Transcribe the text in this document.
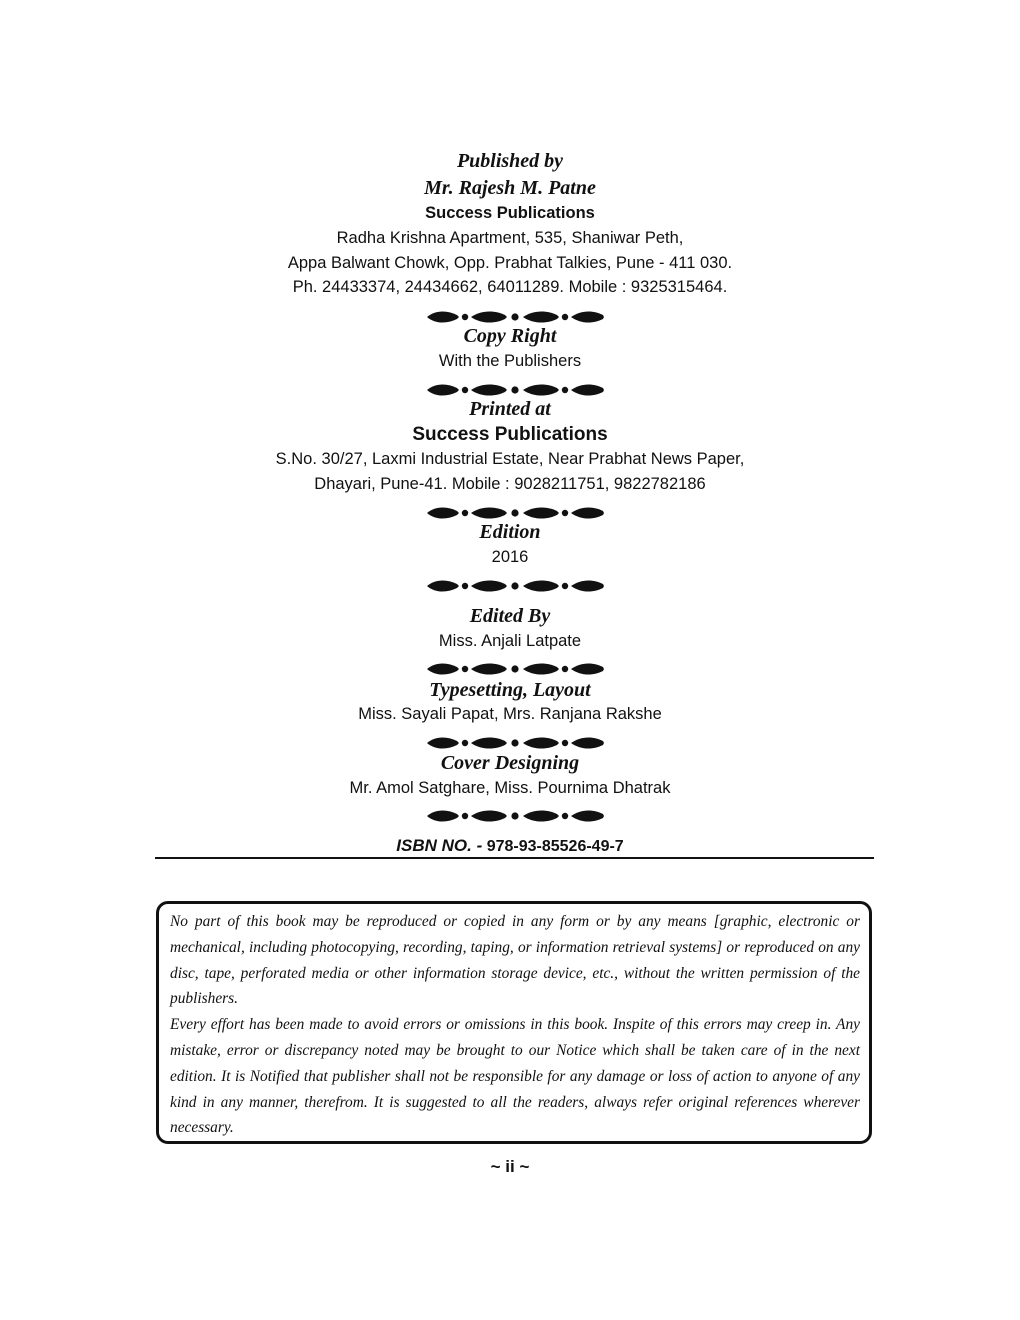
Published by
Mr. Rajesh M. Patne
Success Publications
Radha Krishna Apartment, 535, Shaniwar Peth,
Appa Balwant Chowk, Opp. Prabhat Talkies, Pune - 411 030.
Ph. 24433374, 24434662, 64011289. Mobile : 9325315464.
Copy Right
With the Publishers
Printed at
Success Publications
S.No. 30/27, Laxmi Industrial Estate, Near Prabhat News Paper,
Dhayari, Pune-41. Mobile : 9028211751, 9822782186
Edition
2016
Edited By
Miss. Anjali Latpate
Typesetting, Layout
Miss. Sayali Papat, Mrs. Ranjana Rakshe
Cover Designing
Mr. Amol Satghare, Miss. Pournima Dhatrak
ISBN NO. - 978-93-85526-49-7

No part of this book may be reproduced or copied in any form or by any means [graphic, electronic or mechanical, including photocopying, recording, taping, or information retrieval systems] or reproduced on any disc, tape, perforated media or other information storage device, etc., without the written permission of the publishers.

Every effort has been made to avoid errors or omissions in this book. Inspite of this errors may creep in. Any mistake, error or discrepancy noted may be brought to our Notice which shall be taken care of in the next edition. It is Notified that publisher shall not be responsible for any damage or loss of action to anyone of any kind in any manner, therefrom. It is suggested to all the readers, always refer original references wherever necessary.

~ ii ~
